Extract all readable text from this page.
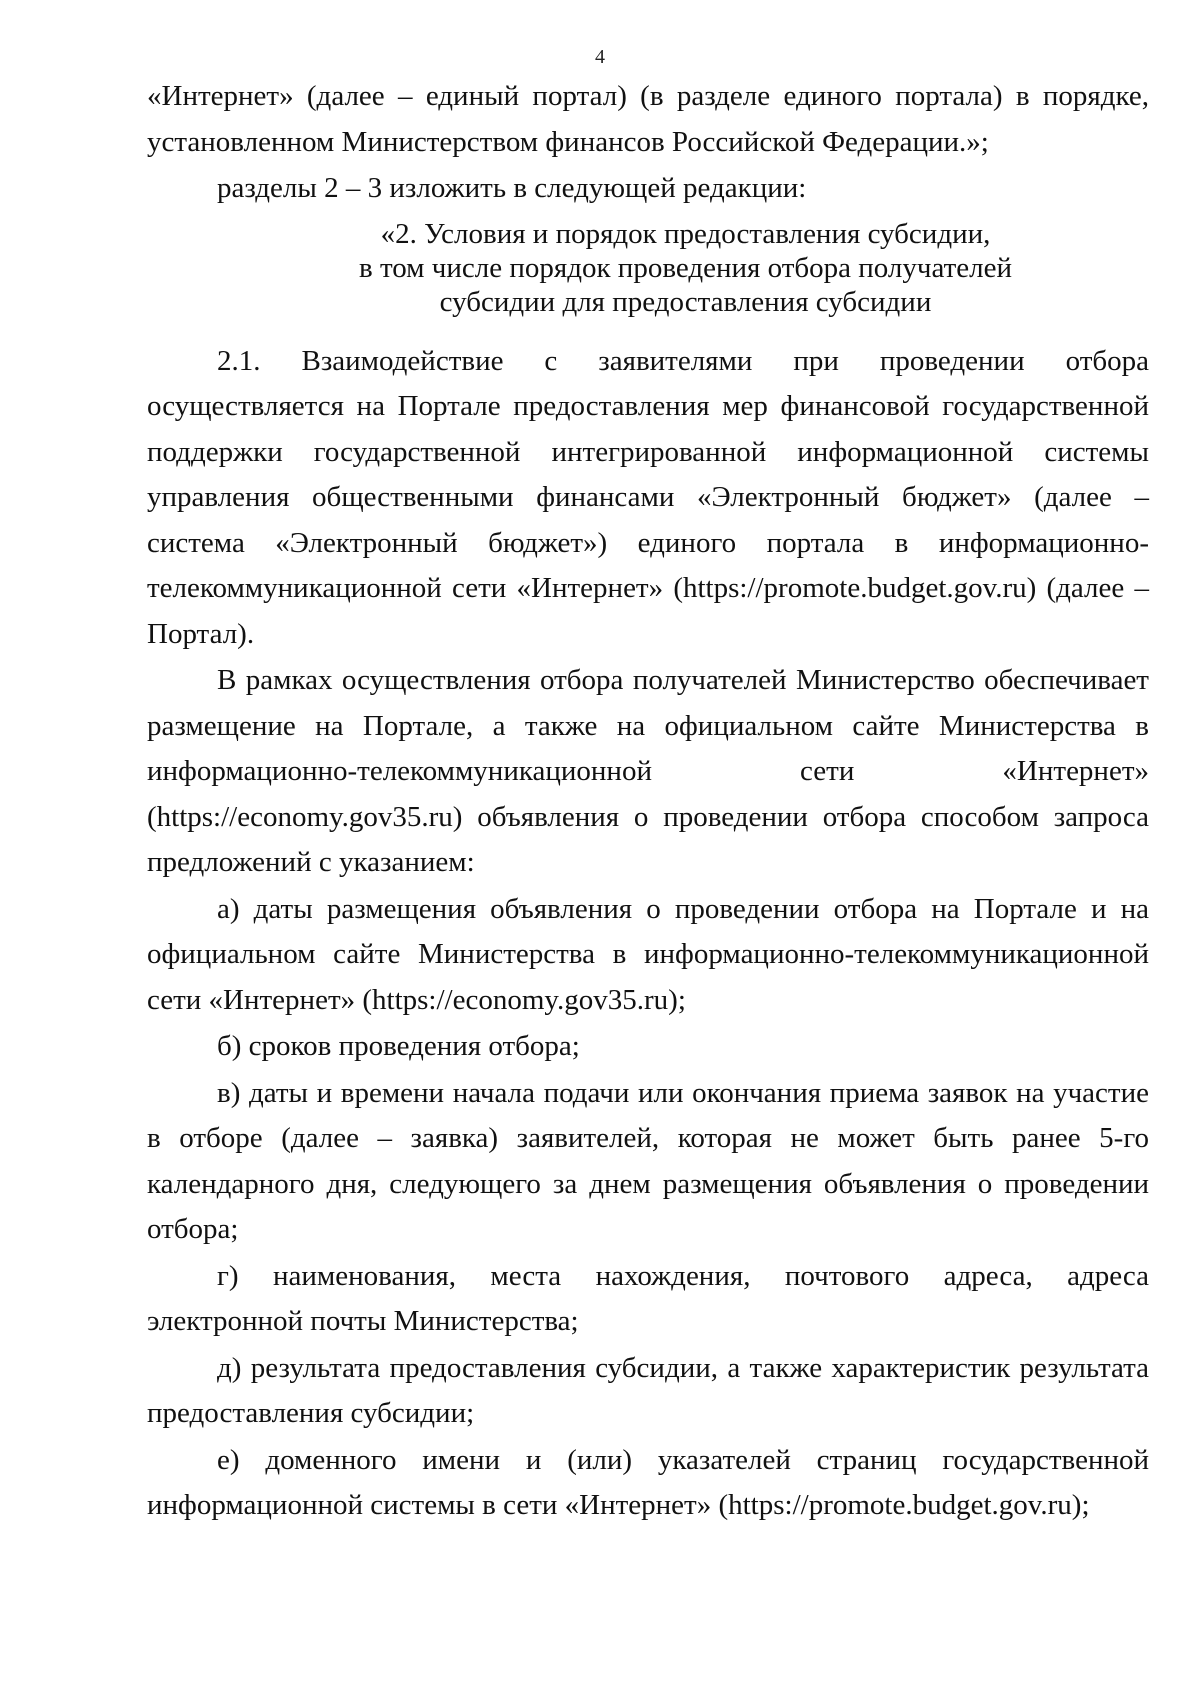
4

«Интернет» (далее – единый портал) (в разделе единого портала) в порядке, установленном Министерством финансов Российской Федерации.»;

разделы 2 – 3 изложить в следующей редакции:

«2. Условия и порядок предоставления субсидии,
в том числе порядок проведения отбора получателей
субсидии для предоставления субсидии

2.1. Взаимодействие с заявителями при проведении отбора осуществляется на Портале предоставления мер финансовой государственной поддержки государственной интегрированной информационной системы управления общественными финансами «Электронный бюджет» (далее – система «Электронный бюджет») единого портала в информационно-телекоммуникационной сети «Интернет» (https://promote.budget.gov.ru) (далее – Портал).

В рамках осуществления отбора получателей Министерство обеспечивает размещение на Портале, а также на официальном сайте Министерства в информационно-телекоммуникационной сети «Интернет» (https://economy.gov35.ru) объявления о проведении отбора способом запроса предложений с указанием:

а) даты размещения объявления о проведении отбора на Портале и на официальном сайте Министерства в информационно-телекоммуникационной сети «Интернет» (https://economy.gov35.ru);

б) сроков проведения отбора;

в) даты и времени начала подачи или окончания приема заявок на участие в отборе (далее – заявка) заявителей, которая не может быть ранее 5-го календарного дня, следующего за днем размещения объявления о проведении отбора;

г) наименования, места нахождения, почтового адреса, адреса электронной почты Министерства;

д) результата предоставления субсидии, а также характеристик результата предоставления субсидии;

е) доменного имени и (или) указателей страниц государственной информационной системы в сети «Интернет» (https://promote.budget.gov.ru);
